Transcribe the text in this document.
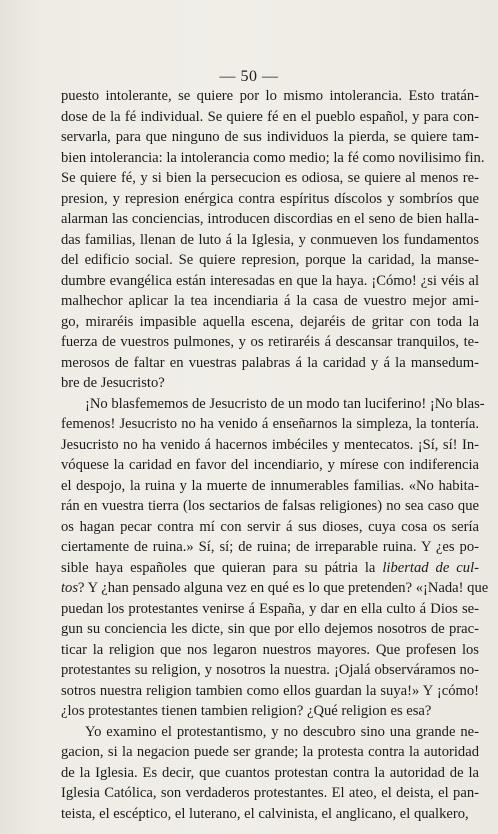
— 50 —
puesto intolerante, se quiere por lo mismo intolerancia. Esto tratán-
dose de la fé individual. Se quiere fé en el pueblo español, y para con-
servarla, para que ninguno de sus individuos la pierda, se quiere tam-
bien intolerancia: la intolerancia como medio; la fé como novilisimo fin.
Se quiere fé, y si bien la persecucion es odiosa, se quiere al menos re-
presion, y represion enérgica contra espíritus díscolos y sombríos que
alarman las conciencias, introducen discordias en el seno de bien halla-
das familias, llenan de luto á la Iglesia, y conmueven los fundamentos
del edificio social. Se quiere represion, porque la caridad, la manse-
dumbre evangélica están interesadas en que la haya. ¡Cómo! ¿si véis al
malhechor aplicar la tea incendiaria á la casa de vuestro mejor ami-
go, miraréis impasible aquella escena, dejaréis de gritar con toda la
fuerza de vuestros pulmones, y os retiraréis á descansar tranquilos, te-
merosos de faltar en vuestras palabras á la caridad y á la mansedum-
bre de Jesucristo?
¡No blasfememos de Jesucristo de un modo tan luciferino! ¡No blas-
femenos! Jesucristo no ha venido á enseñarnos la simpleza, la tontería.
Jesucristo no ha venido á hacernos imbéciles y mentecatos. ¡Sí, sí! In-
vóquese la caridad en favor del incendiario, y mírese con indiferencia
el despojo, la ruina y la muerte de innumerables familias. «No habita-
rán en vuestra tierra (los sectarios de falsas religiones) no sea caso que
os hagan pecar contra mí con servir á sus dioses, cuya cosa os sería
ciertamente de ruina.» Sí, sí; de ruina; de irreparable ruina. Y ¿es po-
sible haya españoles que quieran para su pátria la libertad de cul-
tos? Y ¿han pensado alguna vez en qué es lo que pretenden? «¡Nada! que
puedan los protestantes venirse á España, y dar en ella culto á Dios se-
gun su conciencia les dicte, sin que por ello dejemos nosotros de prac-
ticar la religion que nos legaron nuestros mayores. Que profesen los
protestantes su religion, y nosotros la nuestra. ¡Ojalá observáramos no-
sotros nuestra religion tambien como ellos guardan la suya!» Y ¡cómo!
¿los protestantes tienen tambien religion? ¿Qué religion es esa?
Yo examino el protestantismo, y no descubro sino una grande ne-
gacion, si la negacion puede ser grande; la protesta contra la autoridad
de la Iglesia. Es decir, que cuantos protestan contra la autoridad de la
Iglesia Católica, son verdaderos protestantes. El ateo, el deista, el pan-
teista, el escéptico, el luterano, el calvinista, el anglicano, el qualkero,
